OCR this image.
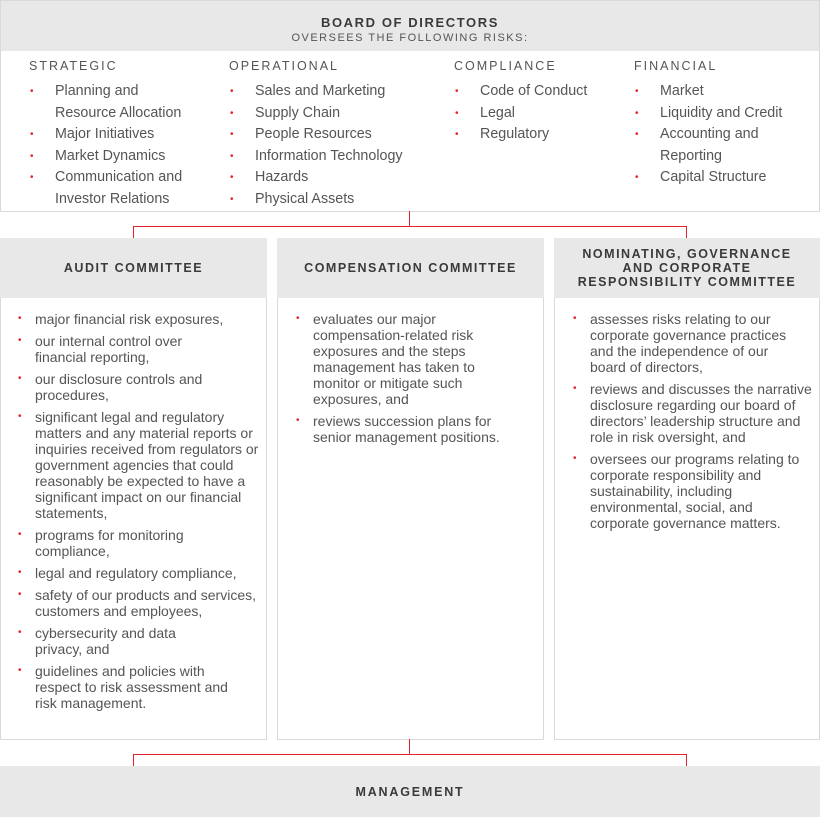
BOARD OF DIRECTORS
OVERSEES THE FOLLOWING RISKS:
STRATEGIC
• Planning and Resource Allocation
• Major Initiatives
• Market Dynamics
• Communication and Investor Relations
OPERATIONAL
• Sales and Marketing
• Supply Chain
• People Resources
• Information Technology
• Hazards
• Physical Assets
COMPLIANCE
• Code of Conduct
• Legal
• Regulatory
FINANCIAL
• Market
• Liquidity and Credit
• Accounting and Reporting
• Capital Structure
AUDIT COMMITTEE
• major financial risk exposures,
• our internal control over financial reporting,
• our disclosure controls and procedures,
• significant legal and regulatory matters and any material reports or inquiries received from regulators or government agencies that could reasonably be expected to have a significant impact on our financial statements,
• programs for monitoring compliance,
• legal and regulatory compliance,
• safety of our products and services, customers and employees,
• cybersecurity and data privacy, and
• guidelines and policies with respect to risk assessment and risk management.
COMPENSATION COMMITTEE
• evaluates our major compensation-related risk exposures and the steps management has taken to monitor or mitigate such exposures, and
• reviews succession plans for senior management positions.
NOMINATING, GOVERNANCE AND CORPORATE RESPONSIBILITY COMMITTEE
• assesses risks relating to our corporate governance practices and the independence of our board of directors,
• reviews and discusses the narrative disclosure regarding our board of directors’ leadership structure and role in risk oversight, and
• oversees our programs relating to corporate responsibility and sustainability, including environmental, social, and corporate governance matters.
MANAGEMENT
